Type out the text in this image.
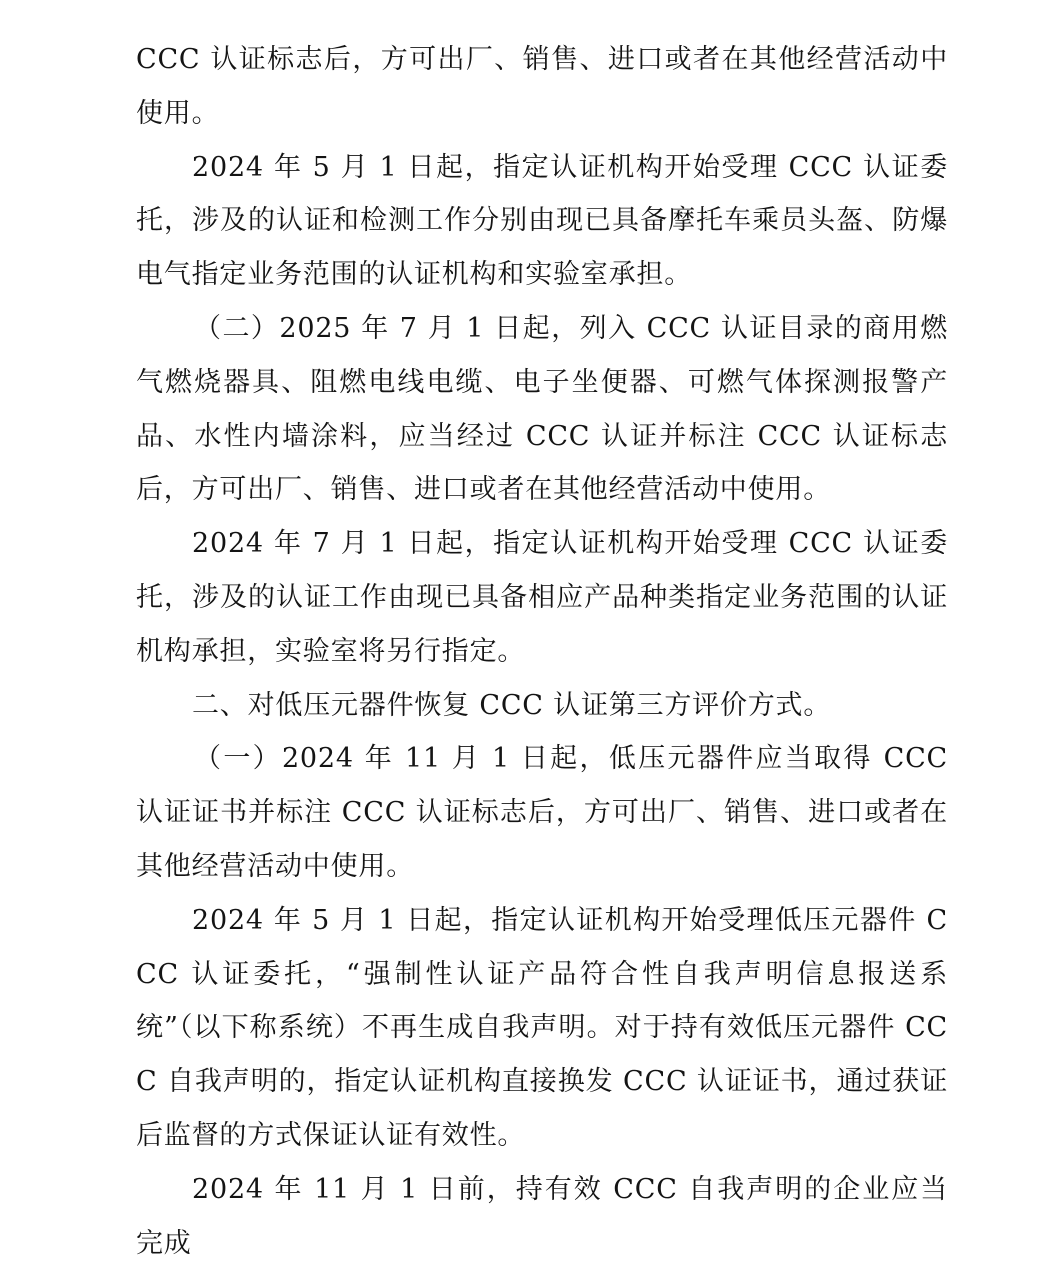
CCC 认证标志后，方可出厂、销售、进口或者在其他经营活动中使用。

2024 年 5 月 1 日起，指定认证机构开始受理 CCC 认证委托，涉及的认证和检测工作分别由现已具备摩托车乘员头盔、防爆电气指定业务范围的认证机构和实验室承担。

（二）2025 年 7 月 1 日起，列入 CCC 认证目录的商用燃气燃烧器具、阻燃电线电缆、电子坐便器、可燃气体探测报警产品、水性内墙涂料，应当经过 CCC 认证并标注 CCC 认证标志后，方可出厂、销售、进口或者在其他经营活动中使用。

2024 年 7 月 1 日起，指定认证机构开始受理 CCC 认证委托，涉及的认证工作由现已具备相应产品种类指定业务范围的认证机构承担，实验室将另行指定。

二、对低压元器件恢复 CCC 认证第三方评价方式。

（一）2024 年 11 月 1 日起，低压元器件应当取得 CCC 认证证书并标注 CCC 认证标志后，方可出厂、销售、进口或者在其他经营活动中使用。

2024 年 5 月 1 日起，指定认证机构开始受理低压元器件 CCC 认证委托，“强制性认证产品符合性自我声明信息报送系统”（以下称系统）不再生成自我声明。对于持有效低压元器件 CCC 自我声明的，指定认证机构直接换发 CCC 认证证书，通过获证后监督的方式保证认证有效性。

2024 年 11 月 1 日前，持有效 CCC 自我声明的企业应当完成
